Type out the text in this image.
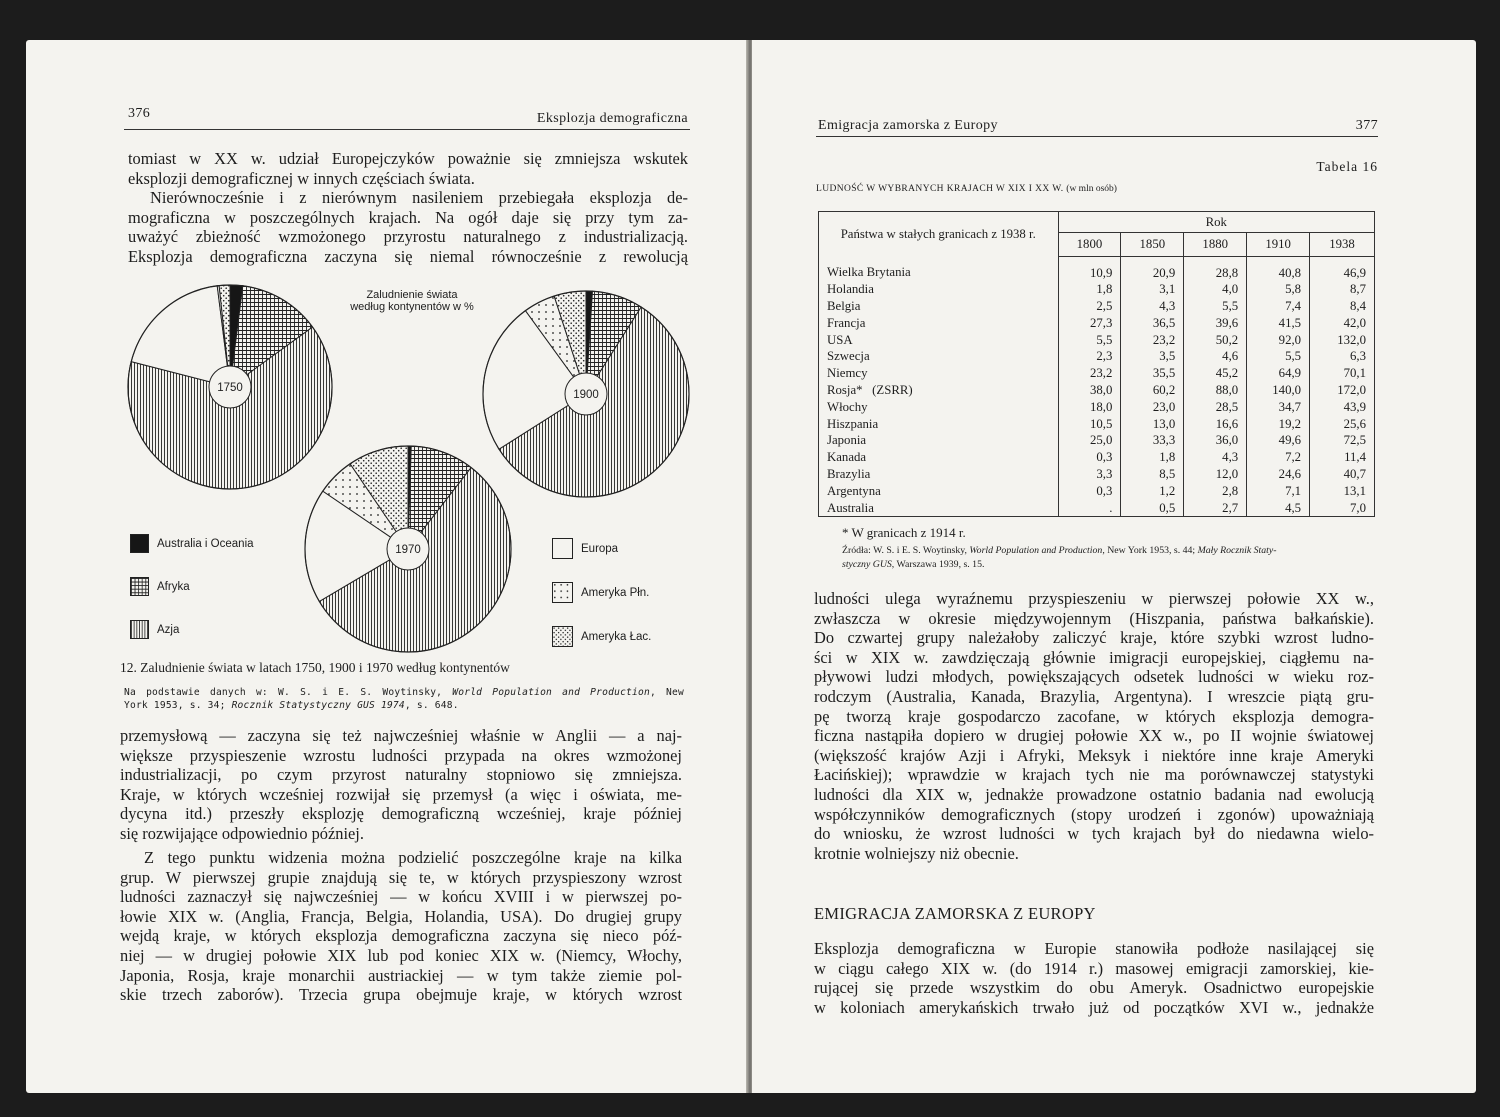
376	Eksplozja demograficzna
tomiast w XX w. udział Europejczyków poważnie się zmniejsza wskutek
eksplozji demograficznej w innych częściach świata.
Nierównocześnie i z nierównym nasileniem przebiegała eksplozja de-
mograficzna w poszczególnych krajach. Na ogół daje się przy tym za-
uważyć zbieżność wzmożonego przyrostu naturalnego z industrializacją.
Eksplozja demograficzna zaczyna się niemal równocześnie z rewolucją
Zaludnienie świata
według kontynentów w %
Australia i Oceania
Afryka
Azja
Europa
Ameryka Płn.
Ameryka Łac.
12. Zaludnienie świata w latach 1750, 1900 i 1970 według kontynentów
Na podstawie danych w: W. S. i E. S. Woytinsky, World Population and Production, New
York 1953, s. 34; Rocznik Statystyczny GUS 1974, s. 648.
przemysłową — zaczyna się też najwcześniej właśnie w Anglii — a naj-
większe przyspieszenie wzrostu ludności przypada na okres wzmożonej
industrializacji, po czym przyrost naturalny stopniowo się zmniejsza.
Kraje, w których wcześniej rozwijał się przemysł (a więc i oświata, me-
dycyna itd.) przeszły eksplozję demograficzną wcześniej, kraje później
się rozwijające odpowiednio później.
Z tego punktu widzenia można podzielić poszczególne kraje na kilka
grup. W pierwszej grupie znajdują się te, w których przyspieszony wzrost
ludności zaznaczył się najwcześniej — w końcu XVIII i w pierwszej po-
łowie XIX w. (Anglia, Francja, Belgia, Holandia, USA). Do drugiej grupy
wejdą kraje, w których eksplozja demograficzna zaczyna się nieco póź-
niej — w drugiej połowie XIX lub pod koniec XIX w. (Niemcy, Włochy,
Japonia, Rosja, kraje monarchii austriackiej — w tym także ziemie pol-
skie trzech zaborów). Trzecia grupa obejmuje kraje, w których wzrost
1750
1900
1970
Emigracja zamorska z Europy	377
Tabela 16
LUDNOŚĆ W WYBRANYCH KRAJACH W XIX I XX W. (w mln osób)
Państwa w stałych granicach z 1938 r.	Rok				
	1800	1850	1880	1910	1938
Wielka Brytania	10,9	20,9	28,8	40,8	46,9
Holandia	1,8	3,1	4,0	5,8	8,7
Belgia	2,5	4,3	5,5	7,4	8,4
Francja	27,3	36,5	39,6	41,5	42,0
USA	5,5	23,2	50,2	92,0	132,0
Szwecja	2,3	3,5	4,6	5,5	6,3
Niemcy	23,2	35,5	45,2	64,9	70,1
Rosja*   (ZSRR)	38,0	60,2	88,0	140,0	172,0
Włochy	18,0	23,0	28,5	34,7	43,9
Hiszpania	10,5	13,0	16,6	19,2	25,6
Japonia	25,0	33,3	36,0	49,6	72,5
Kanada	0,3	1,8	4,3	7,2	11,4
Brazylia	3,3	8,5	12,0	24,6	40,7
Argentyna	0,3	1,2	2,8	7,1	13,1
Australia	.	0,5	2,7	4,5	7,0
* W granicach z 1914 r.
Źródła: W. S. i E. S. Woytinsky, World Population and Production, New York 1953, s. 44; Mały Rocznik Staty-
styczny GUS, Warszawa 1939, s. 15.
ludności ulega wyraźnemu przyspieszeniu w pierwszej połowie XX w.,
zwłaszcza w okresie międzywojennym (Hiszpania, państwa bałkańskie).
Do czwartej grupy należałoby zaliczyć kraje, które szybki wzrost ludno-
ści w XIX w. zawdzięczają głównie imigracji europejskiej, ciągłemu na-
pływowi ludzi młodych, powiększających odsetek ludności w wieku roz-
rodczym (Australia, Kanada, Brazylia, Argentyna). I wreszcie piątą gru-
pę tworzą kraje gospodarczo zacofane, w których eksplozja demogra-
ficzna nastąpiła dopiero w drugiej połowie XX w., po II wojnie światowej
(większość krajów Azji i Afryki, Meksyk i niektóre inne kraje Ameryki
Łacińskiej); wprawdzie w krajach tych nie ma porównawczej statystyki
ludności dla XIX w, jednakże prowadzone ostatnio badania nad ewolucją
współczynników demograficznych (stopy urodzeń i zgonów) upoważniają
do wniosku, że wzrost ludności w tych krajach był do niedawna wielo-
krotnie wolniejszy niż obecnie.
EMIGRACJA ZAMORSKA Z EUROPY
Eksplozja demograficzna w Europie stanowiła podłoże nasilającej się
w ciągu całego XIX w. (do 1914 r.) masowej emigracji zamorskiej, kie-
rującej się przede wszystkim do obu Ameryk. Osadnictwo europejskie
w koloniach amerykańskich trwało już od początków XVI w., jednakże
